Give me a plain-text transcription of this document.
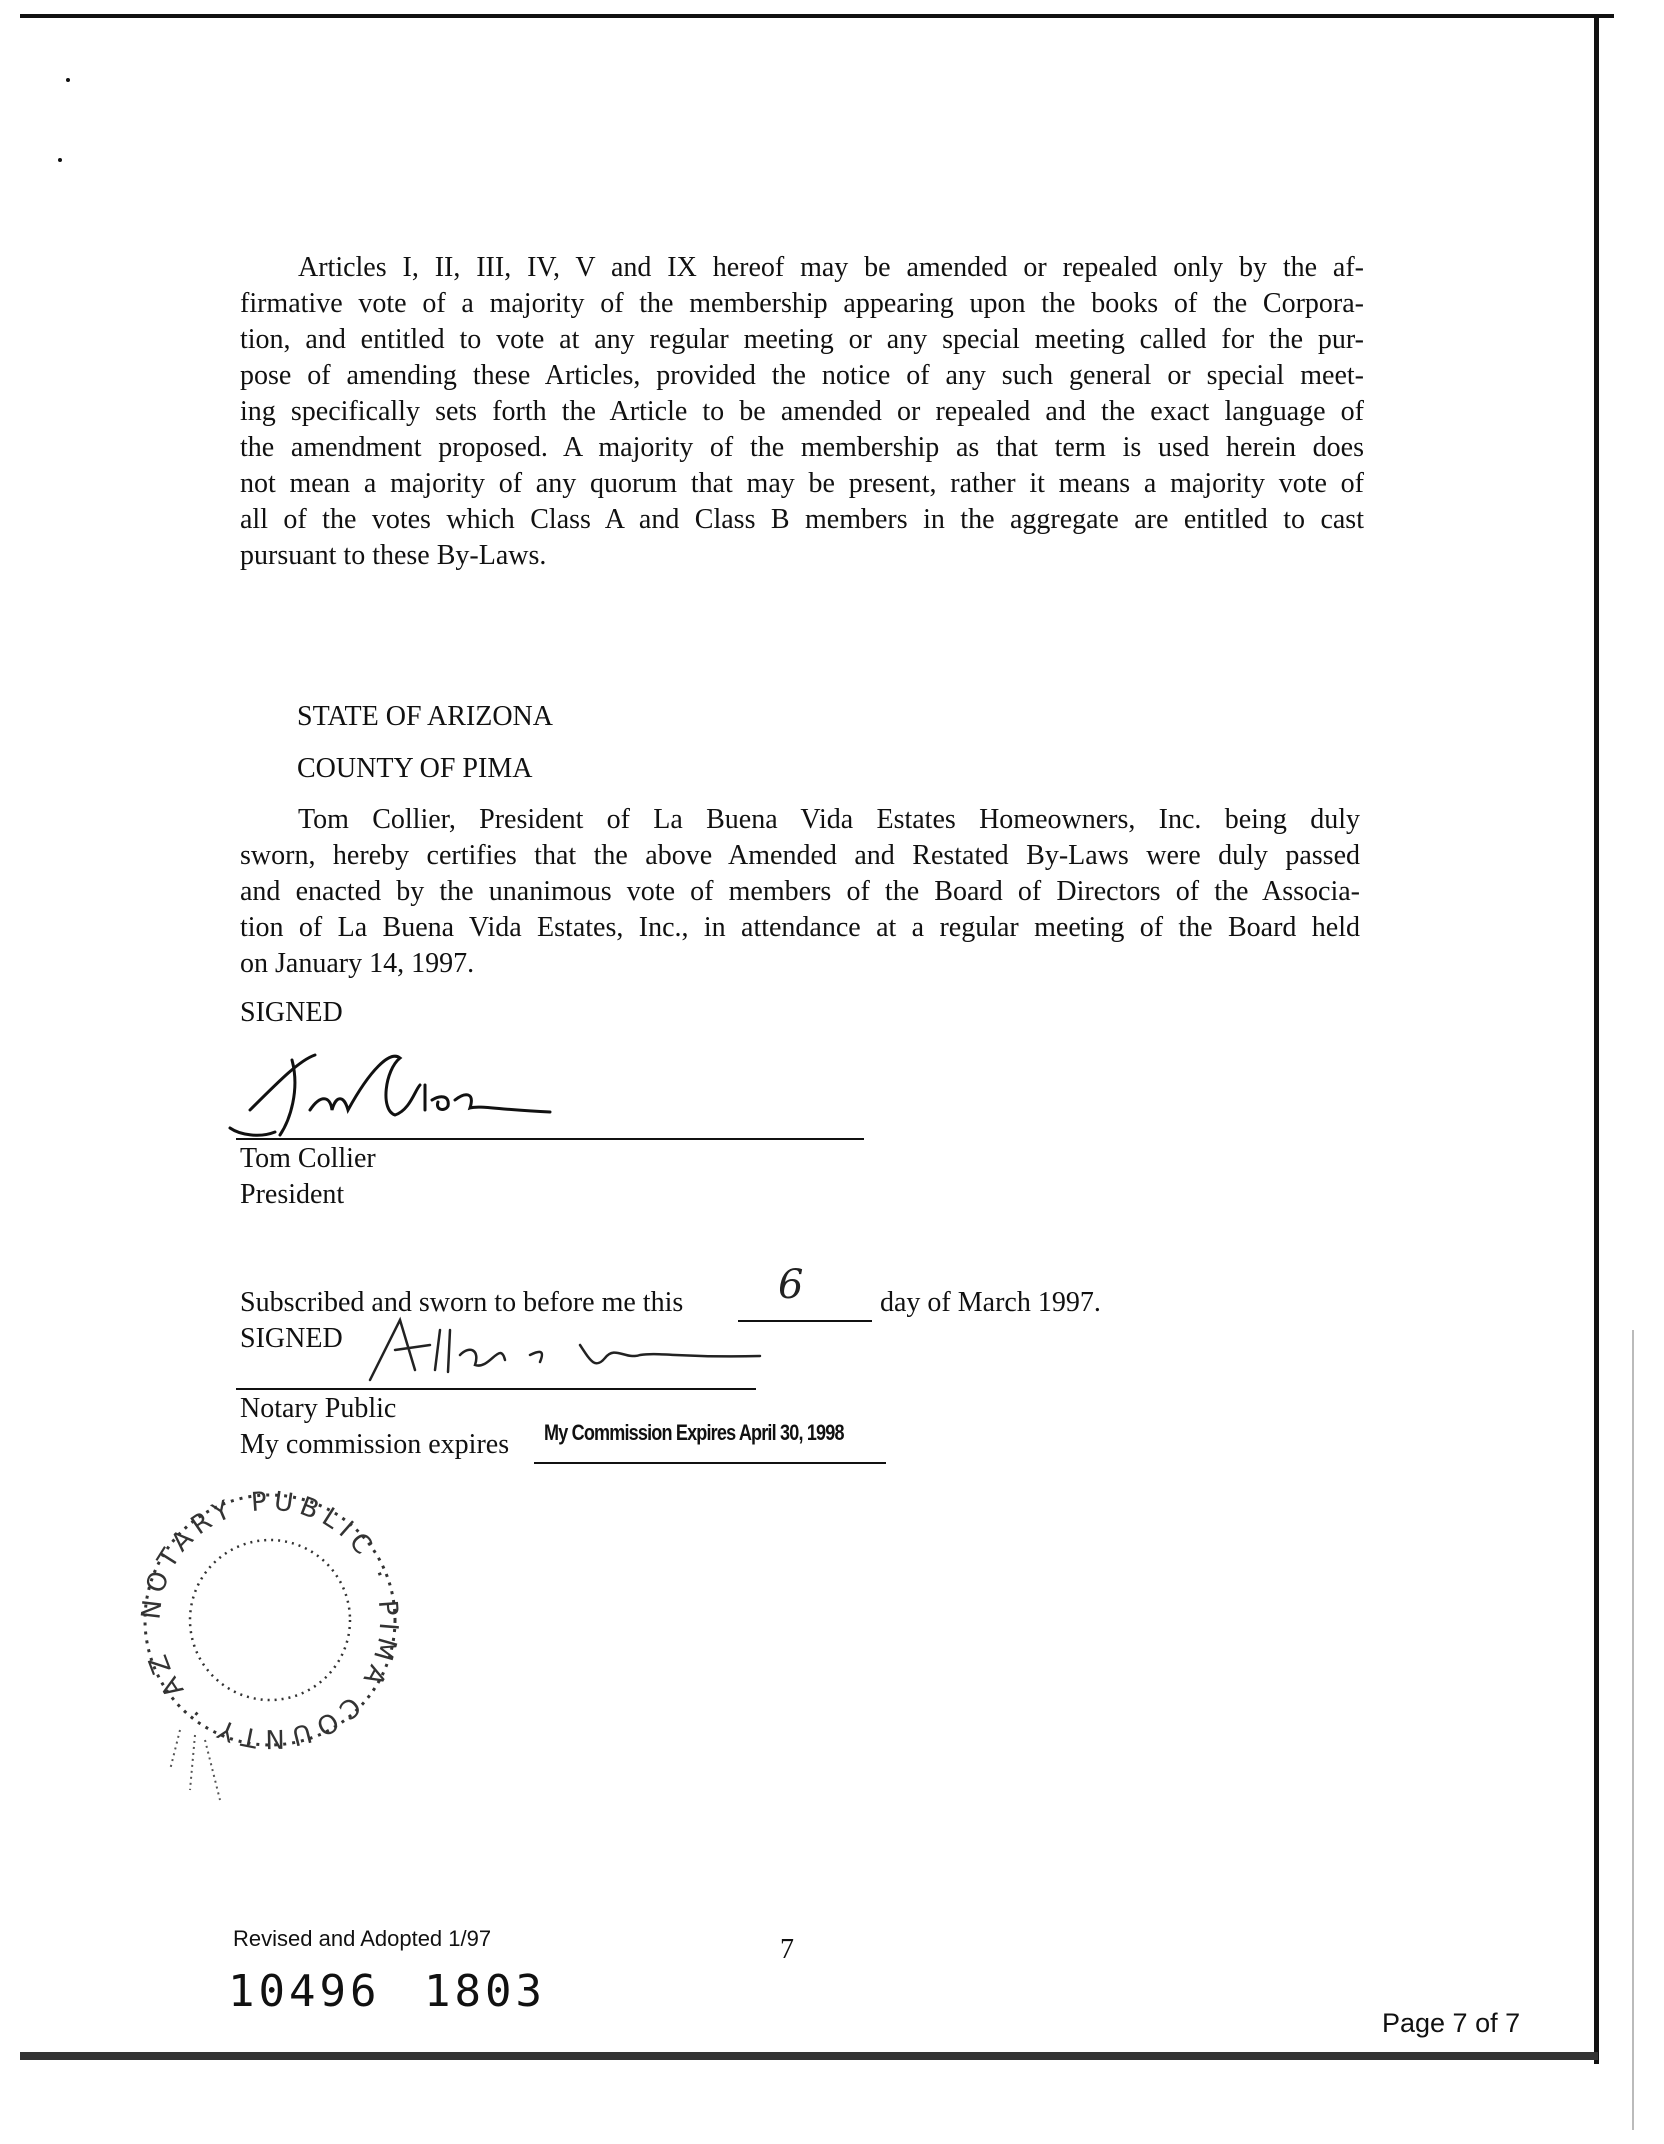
Articles I, II, III, IV, V and IX hereof may be amended or repealed only by the af-
firmative vote of a majority of the membership appearing upon the books of the Corpora-
tion, and entitled to vote at any regular meeting or any special meeting called for the pur-
pose of amending these Articles, provided the notice of any such general or special meet-
ing specifically sets forth the Article to be amended or repealed and the exact language of
the amendment proposed. A majority of the membership as that term is used herein does
not mean a majority of any quorum that may be present, rather it means a majority vote of
all of the votes which Class A and Class B members in the aggregate are entitled to cast
pursuant to these By-Laws.

STATE OF ARIZONA

COUNTY OF PIMA

Tom Collier, President of La Buena Vida Estates Homeowners, Inc. being duly
sworn, hereby certifies that the above Amended and Restated By-Laws were duly passed
and enacted by the unanimous vote of members of the Board of Directors of the Associa-
tion of La Buena Vida Estates, Inc., in attendance at a regular meeting of the Board held
on January 14, 1997.

SIGNED

Tom Collier

President

Subscribed and sworn to before me this 6	day of March 1997.

SIGNED

Notary Public

My commission expires My Commission Expires April 30, 1998
NOTARY PUBLIC · PIMA COUNTY · AZ
Revised and Adopted 1/97	7
10496 1803
Page 7 of 7
